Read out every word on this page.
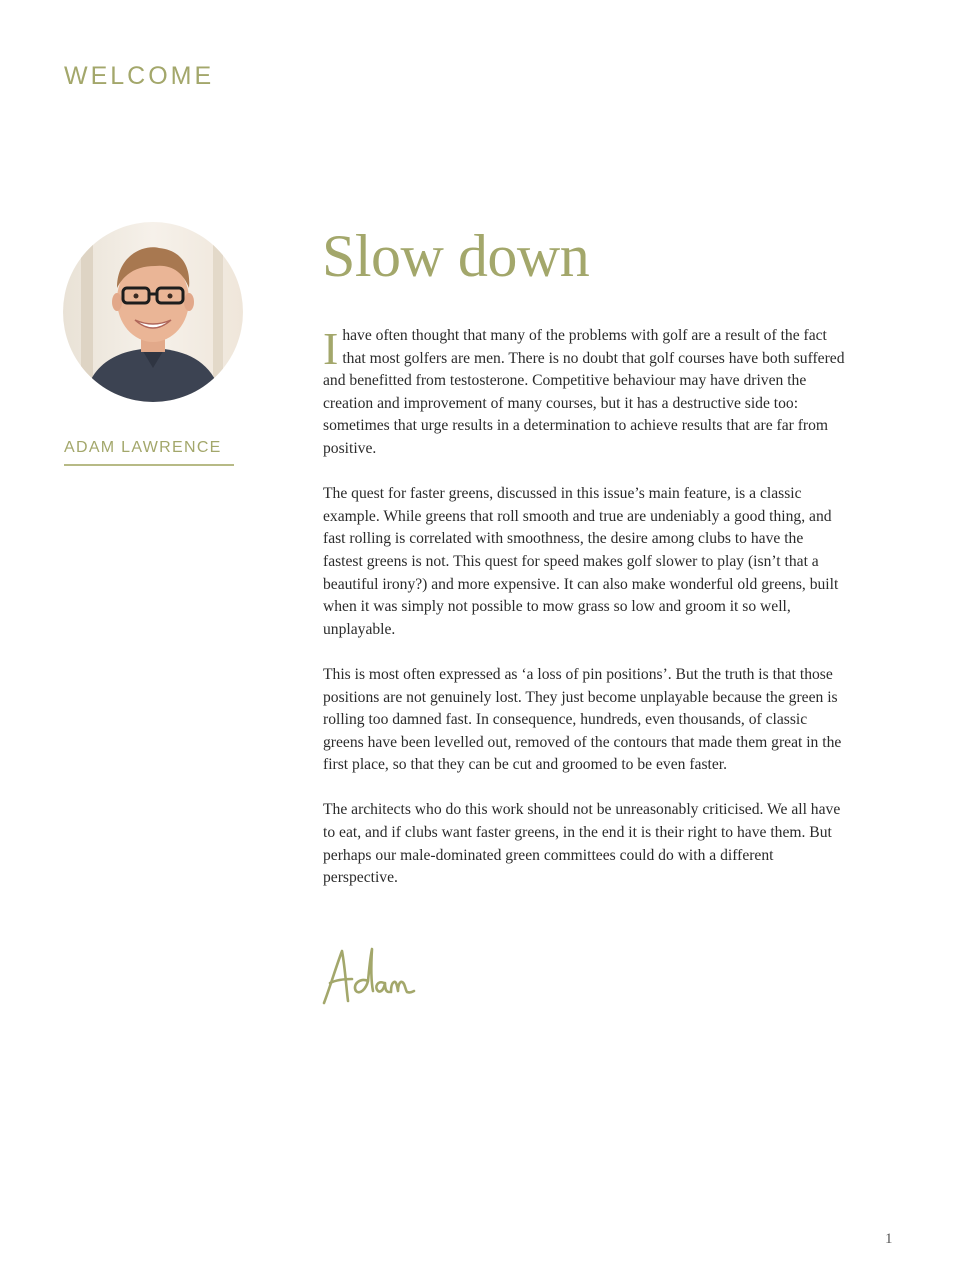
WELCOME
ADAM LAWRENCE
Slow down

Ihave often thought that many of the problems with golf are a result of the fact that most golfers are men. There is no doubt that golf courses have both suffered and benefitted from testosterone. Competitive behaviour may have driven the creation and improvement of many courses, but it has a destructive side too: sometimes that urge results in a determination to achieve results that are far from positive.

The quest for faster greens, discussed in this issue’s main feature, is a classic example. While greens that roll smooth and true are undeniably a good thing, and fast rolling is correlated with smoothness, the desire among clubs to have the fastest greens is not. This quest for speed makes golf slower to play (isn’t that a beautiful irony?) and more expensive. It can also make wonderful old greens, built when it was simply not possible to mow grass so low and groom it so well, unplayable.

This is most often expressed as ‘a loss of pin positions’. But the truth is that those positions are not genuinely lost. They just become unplayable because the green is rolling too damned fast. In consequence, hundreds, even thousands, of classic greens have been levelled out, removed of the contours that made them great in the first place, so that they can be cut and groomed to be even faster.

The architects who do this work should not be unreasonably criticised. We all have to eat, and if clubs want faster greens, in the end it is their right to have them. But perhaps our male-dominated green committees could do with a different perspective.

1
